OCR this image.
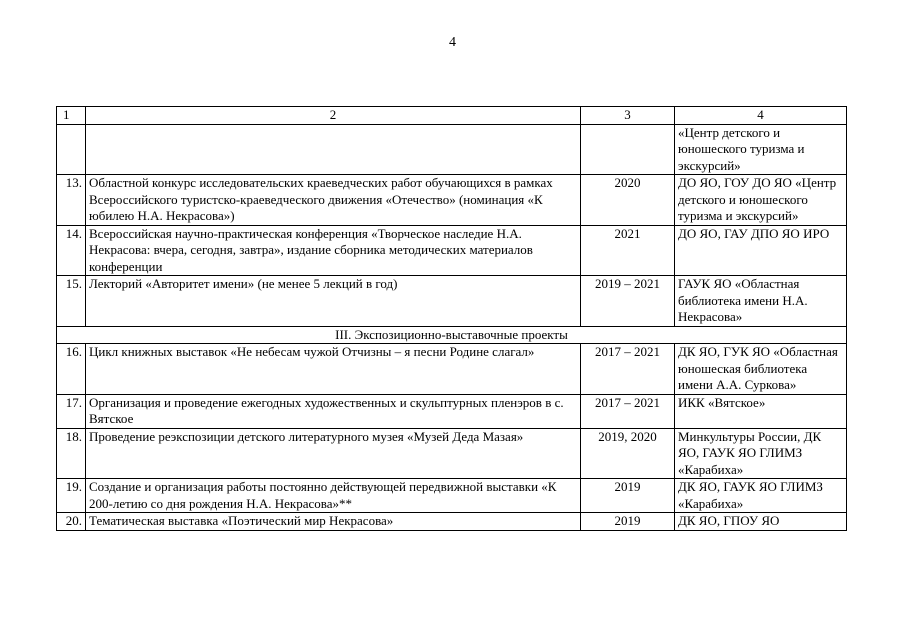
4
1	2	3	4
			«Центр детского и юношеского туризма и экскурсий»
13.	Областной конкурс исследовательских краеведческих работ обучающихся в рамках Всероссийского туристско-краеведческого движения «Отечество» (номинация «К юбилею Н.А. Некрасова»)	2020	ДО ЯО, ГОУ ДО ЯО «Центр детского и юношеского туризма и экскурсий»
14.	Всероссийская научно-практическая конференция «Творческое наследие Н.А. Некрасова: вчера, сегодня, завтра», издание сборника методических материалов конференции	2021	ДО ЯО, ГАУ ДПО ЯО ИРО
15.	Лекторий «Авторитет имени» (не менее 5 лекций в год)	2019 – 2021	ГАУК ЯО «Областная библиотека имени Н.А. Некрасова»
III. Экспозиционно-выставочные проекты			
16.	Цикл книжных выставок «Не небесам чужой Отчизны – я песни Родине слагал»	2017 – 2021	ДК ЯО, ГУК ЯО «Областная юношеская библиотека имени А.А. Суркова»
17.	Организация и проведение ежегодных художественных и скульптурных пленэров в с. Вятское	2017 – 2021	ИКК «Вятское»
18.	Проведение реэкспозиции детского литературного музея «Музей Деда Мазая»	2019, 2020	Минкультуры России, ДК ЯО, ГАУК ЯО ГЛИМЗ «Карабиха»
19.	Создание и организация работы постоянно действующей передвижной выставки «К 200-летию со дня рождения Н.А. Некрасова»**	2019	ДК ЯО, ГАУК ЯО ГЛИМЗ «Карабиха»
20.	Тематическая выставка «Поэтический мир Некрасова»	2019	ДК ЯО, ГПОУ ЯО
